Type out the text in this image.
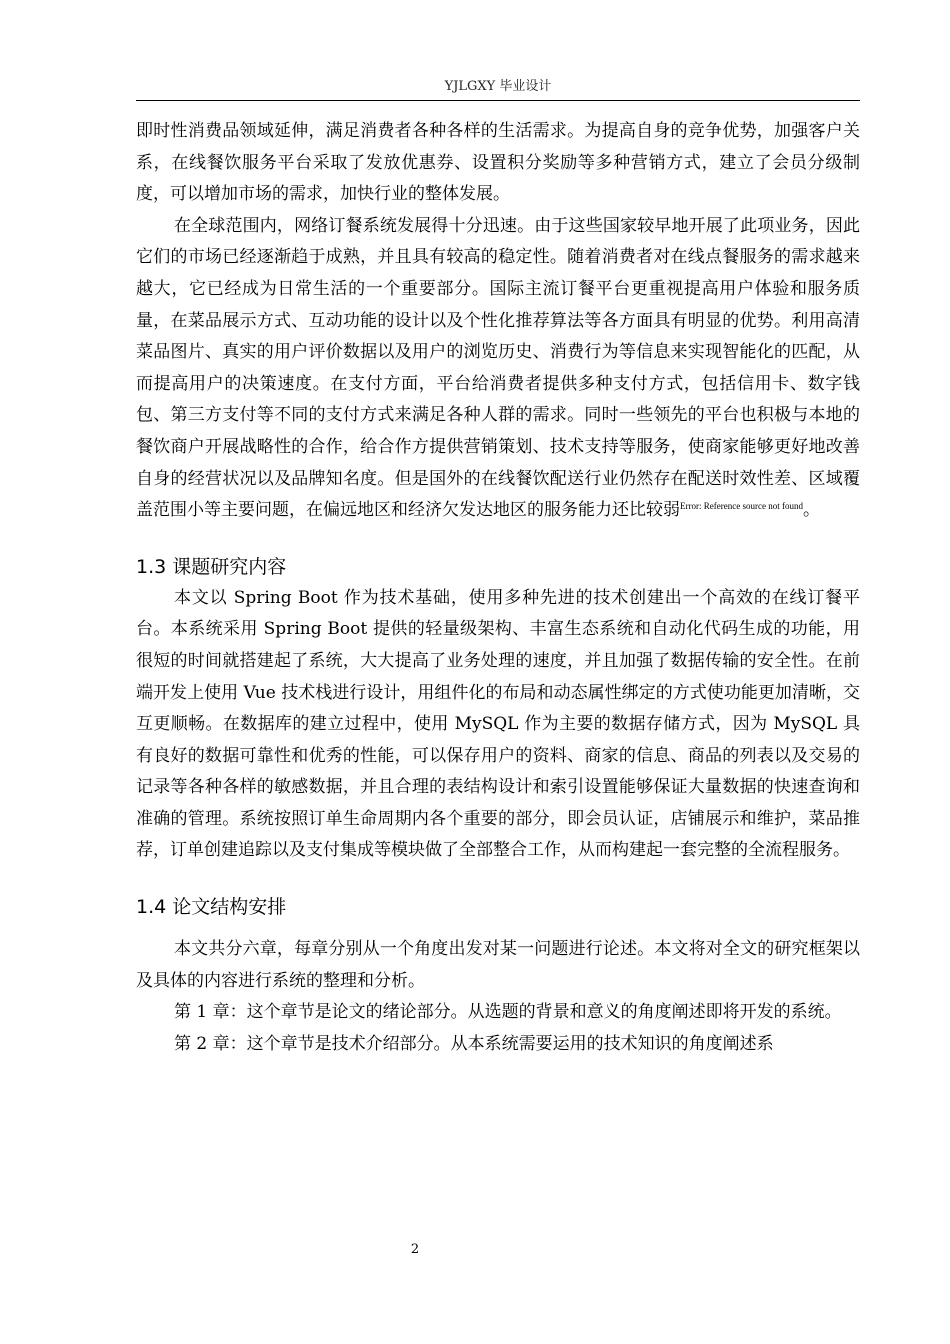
YJLGXY 毕业设计

即时性消费品领域延伸，满足消费者各种各样的生活需求。为提高自身的竞争优势，加强客户关系，在线餐饮服务平台采取了发放优惠券、设置积分奖励等多种营销方式，建立了会员分级制度，可以增加市场的需求，加快行业的整体发展。

在全球范围内，网络订餐系统发展得十分迅速。由于这些国家较早地开展了此项业务，因此它们的市场已经逐渐趋于成熟，并且具有较高的稳定性。随着消费者对在线点餐服务的需求越来越大，它已经成为日常生活的一个重要部分。国际主流订餐平台更重视提高用户体验和服务质量，在菜品展示方式、互动功能的设计以及个性化推荐算法等各方面具有明显的优势。利用高清菜品图片、真实的用户评价数据以及用户的浏览历史、消费行为等信息来实现智能化的匹配，从而提高用户的决策速度。在支付方面，平台给消费者提供多种支付方式，包括信用卡、数字钱包、第三方支付等不同的支付方式来满足各种人群的需求。同时一些领先的平台也积极与本地的餐饮商户开展战略性的合作，给合作方提供营销策划、技术支持等服务，使商家能够更好地改善自身的经营状况以及品牌知名度。但是国外的在线餐饮配送行业仍然存在配送时效性差、区域覆盖范围小等主要问题，在偏远地区和经济欠发达地区的服务能力还比较弱$^{Error: Reference source not found}$。

1.3 课题研究内容

本文以 Spring Boot 作为技术基础，使用多种先进的技术创建出一个高效的在线订餐平台。本系统采用 Spring Boot 提供的轻量级架构、丰富生态系统和自动化代码生成的功能，用很短的时间就搭建起了系统，大大提高了业务处理的速度，并且加强了数据传输的安全性。在前端开发上使用 Vue 技术栈进行设计，用组件化的布局和动态属性绑定的方式使功能更加清晰，交互更顺畅。在数据库的建立过程中，使用 MySQL 作为主要的数据存储方式，因为 MySQL 具有良好的数据可靠性和优秀的性能，可以保存用户的资料、商家的信息、商品的列表以及交易的记录等各种各样的敏感数据，并且合理的表结构设计和索引设置能够保证大量数据的快速查询和准确的管理。系统按照订单生命周期内各个重要的部分，即会员认证，店铺展示和维护，菜品推荐，订单创建追踪以及支付集成等模块做了全部整合工作，从而构建起一套完整的全流程服务。

1.4 论文结构安排

本文共分六章，每章分别从一个角度出发对某一问题进行论述。本文将对全文的研究框架以及具体的内容进行系统的整理和分析。

第 1 章：这个章节是论文的绪论部分。从选题的背景和意义的角度阐述即将开发的系统。

第 2 章：这个章节是技术介绍部分。从本系统需要运用的技术知识的角度阐述系

2
